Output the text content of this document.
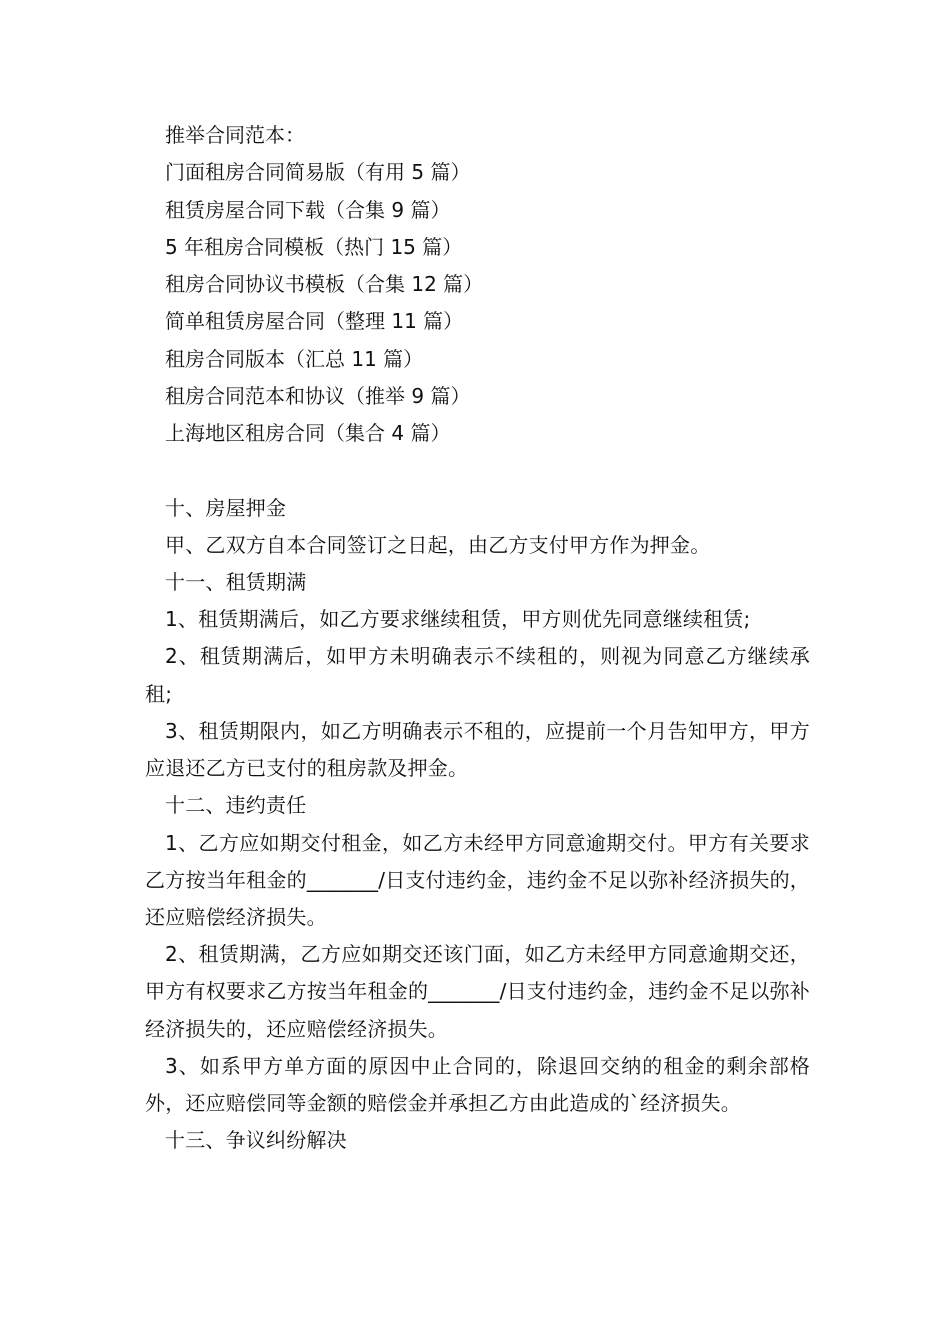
推举合同范本：
门面租房合同简易版（有用 5 篇）
租赁房屋合同下载（合集 9 篇）
5 年租房合同模板（热门 15 篇）
租房合同协议书模板（合集 12 篇）
简单租赁房屋合同（整理 11 篇）
租房合同版本（汇总 11 篇）
租房合同范本和协议（推举 9 篇）
上海地区租房合同（集合 4 篇）
十、房屋押金
甲、乙双方自本合同签订之日起，由乙方支付甲方作为押金。
十一、租赁期满
1、租赁期满后，如乙方要求继续租赁，甲方则优先同意继续租赁;
2、租赁期满后，如甲方未明确表示不续租的，则视为同意乙方继续承租;
3、租赁期限内，如乙方明确表示不租的，应提前一个月告知甲方，甲方应退还乙方已支付的租房款及押金。
十二、违约责任
1、乙方应如期交付租金，如乙方未经甲方同意逾期交付。甲方有关要求乙方按当年租金的_______/日支付违约金，违约金不足以弥补经济损失的，还应赔偿经济损失。
2、租赁期满，乙方应如期交还该门面，如乙方未经甲方同意逾期交还，甲方有权要求乙方按当年租金的_______/日支付违约金，违约金不足以弥补经济损失的，还应赔偿经济损失。
3、如系甲方单方面的原因中止合同的，除退回交纳的租金的剩余部格外，还应赔偿同等金额的赔偿金并承担乙方由此造成的`经济损失。
十三、争议纠纷解决
